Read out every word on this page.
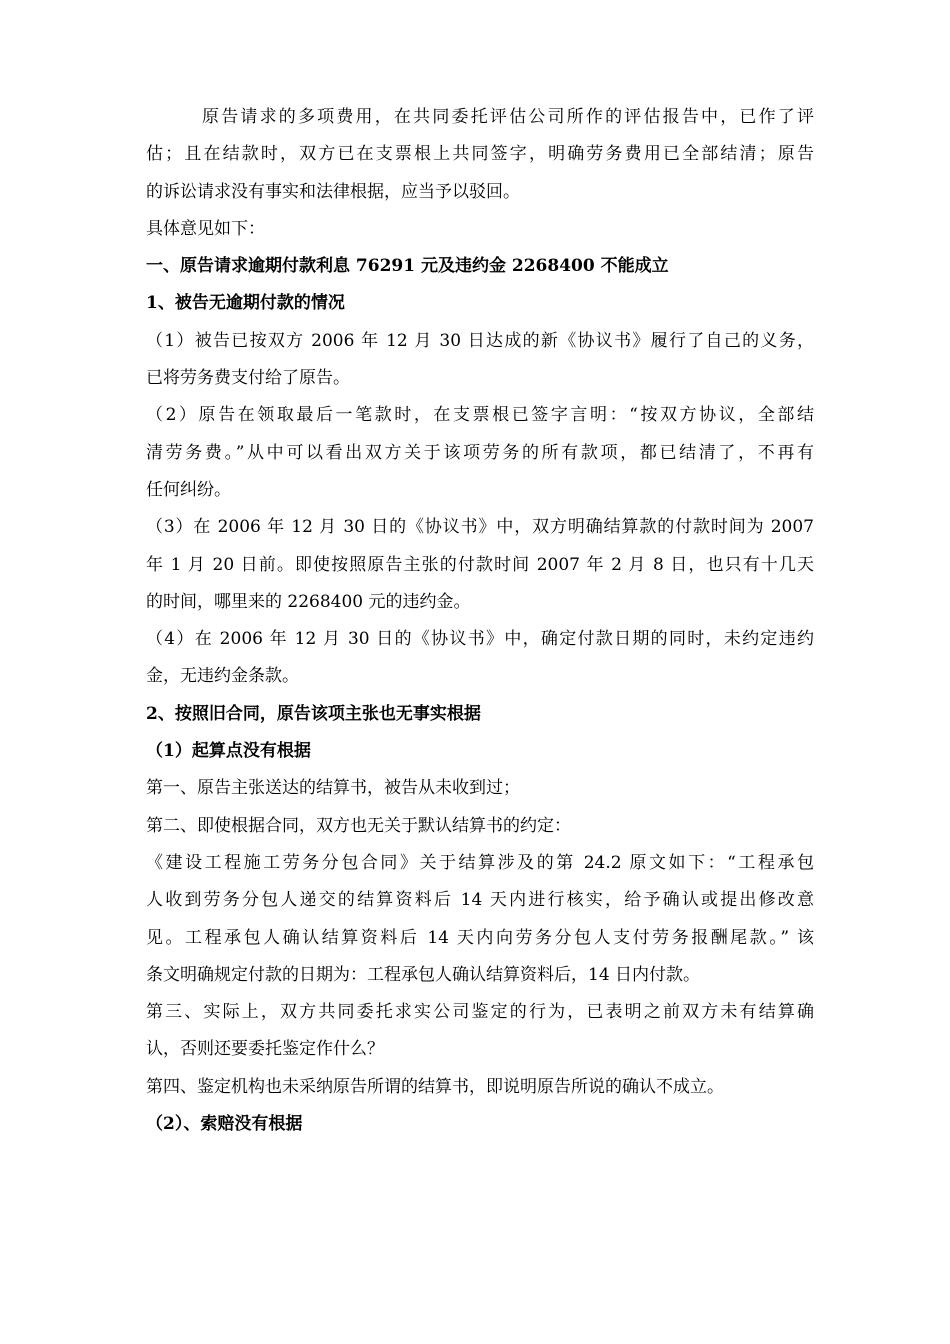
原告请求的多项费用，在共同委托评估公司所作的评估报告中，已作了评
估；且在结款时，双方已在支票根上共同签字，明确劳务费用已全部结清；原告
的诉讼请求没有事实和法律根据，应当予以驳回。
具体意见如下：
一、原告请求逾期付款利息 76291 元及违约金 2268400 不能成立
1、被告无逾期付款的情况
（1）被告已按双方 2006 年 12 月 30 日达成的新《协议书》履行了自己的义务，
已将劳务费支付给了原告。
（2）原告在领取最后一笔款时，在支票根已签字言明：“按双方协议，全部结
清劳务费。”从中可以看出双方关于该项劳务的所有款项，都已结清了，不再有
任何纠纷。
（3）在 2006 年 12 月 30 日的《协议书》中，双方明确结算款的付款时间为 2007
年 1 月 20 日前。即使按照原告主张的付款时间 2007 年 2 月 8 日，也只有十几天
的时间，哪里来的 2268400 元的违约金。
（4）在 2006 年 12 月 30 日的《协议书》中，确定付款日期的同时，未约定违约
金，无违约金条款。
2、按照旧合同，原告该项主张也无事实根据
（1）起算点没有根据
第一、原告主张送达的结算书，被告从未收到过；
第二、即使根据合同，双方也无关于默认结算书的约定：
《建设工程施工劳务分包合同》关于结算涉及的第 24.2 原文如下：“工程承包
人收到劳务分包人递交的结算资料后 14 天内进行核实，给予确认或提出修改意
见。工程承包人确认结算资料后 14 天内向劳务分包人支付劳务报酬尾款。” 该
条文明确规定付款的日期为：工程承包人确认结算资料后，14 日内付款。
第三、实际上，双方共同委托求实公司鉴定的行为，已表明之前双方未有结算确
认，否则还要委托鉴定作什么？
第四、鉴定机构也未采纳原告所谓的结算书，即说明原告所说的确认不成立。
（2）、索赔没有根据
